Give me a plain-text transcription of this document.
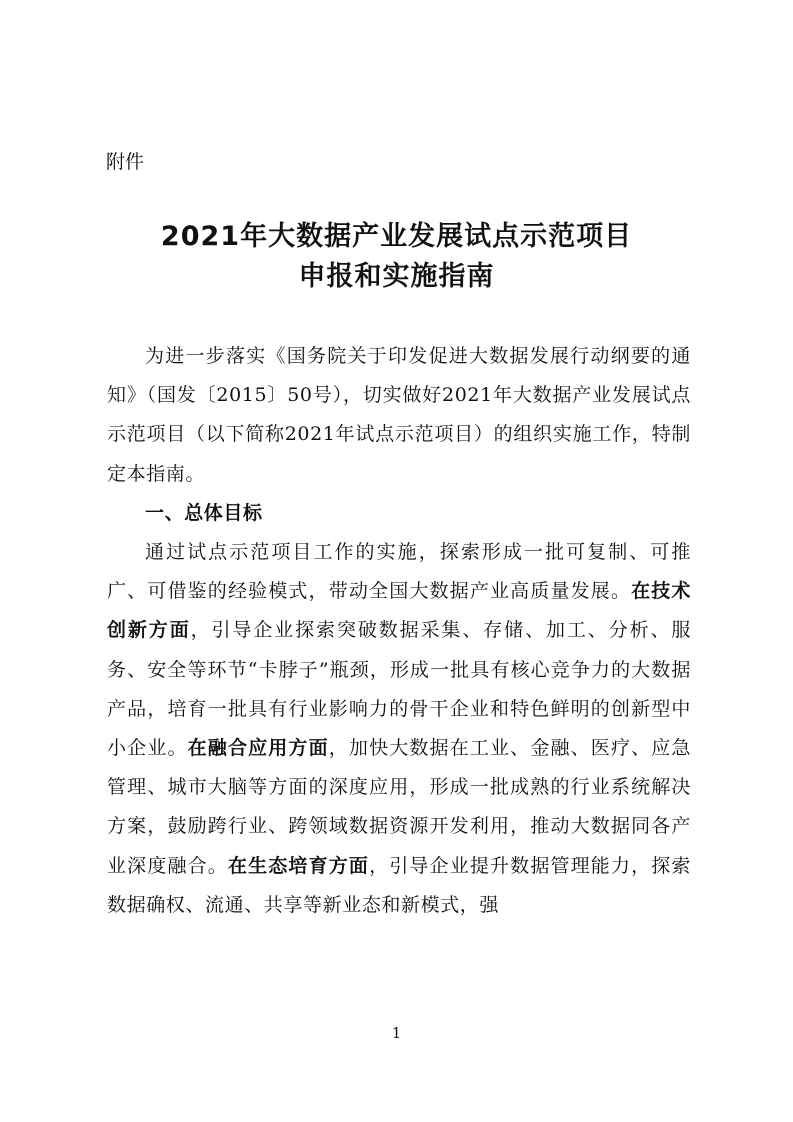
附件
2021年大数据产业发展试点示范项目
申报和实施指南

为进一步落实《国务院关于印发促进大数据发展行动纲要的通知》（国发〔2015〕50号），切实做好2021年大数据产业发展试点示范项目（以下简称2021年试点示范项目）的组织实施工作，特制定本指南。

一、总体目标

通过试点示范项目工作的实施，探索形成一批可复制、可推广、可借鉴的经验模式，带动全国大数据产业高质量发展。在技术创新方面，引导企业探索突破数据采集、存储、加工、分析、服务、安全等环节“卡脖子”瓶颈，形成一批具有核心竞争力的大数据产品，培育一批具有行业影响力的骨干企业和特色鲜明的创新型中小企业。在融合应用方面，加快大数据在工业、金融、医疗、应急管理、城市大脑等方面的深度应用，形成一批成熟的行业系统解决方案，鼓励跨行业、跨领域数据资源开发利用，推动大数据同各产业深度融合。在生态培育方面，引导企业提升数据管理能力，探索数据确权、流通、共享等新业态和新模式，强

1
